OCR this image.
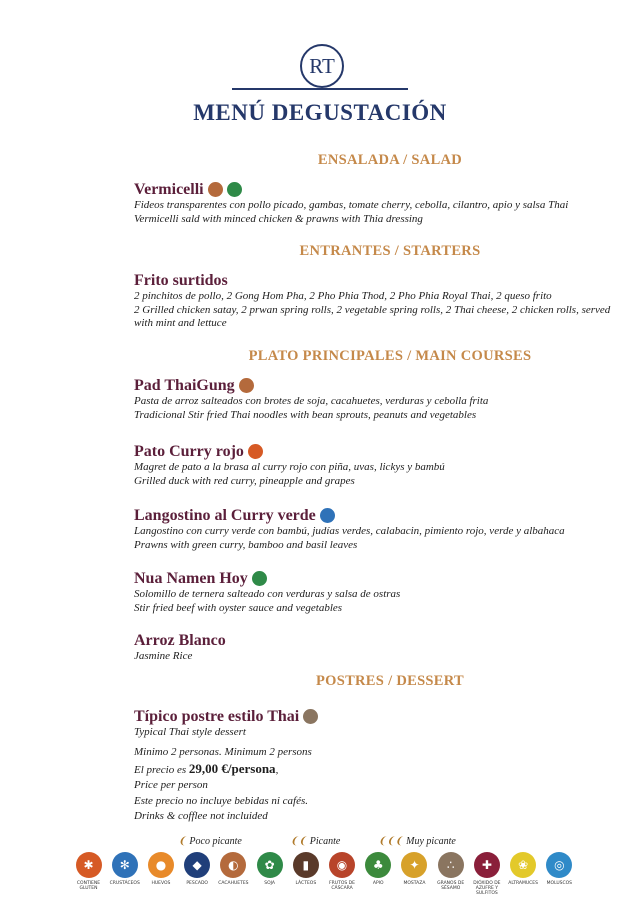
RT
MENÚ DEGUSTACIÓN
ENSALADA / SALAD
Vermicelli
Fideos transparentes con pollo picado, gambas, tomate cherry, cebolla, cilantro, apio y salsa Thai
Vermicelli sald with minced chicken & prawns with Thia dressing
ENTRANTES / STARTERS
Frito surtidos
2 pinchitos de pollo, 2 Gong Hom Pha, 2 Pho Phia Thod, 2 Pho Phia Royal Thai, 2 queso frito
2 Grilled chicken satay, 2 prwan spring rolls, 2 vegetable spring rolls, 2 Thai cheese, 2 chicken rolls, served with mint and lettuce
PLATO PRINCIPALES / MAIN COURSES
Pad ThaiGung
Pasta de arroz salteados con brotes de soja, cacahuetes, verduras y cebolla frita
Tradicional Stir fried Thai noodles with bean sprouts, peanuts and vegetables
Pato Curry rojo
Magret de pato a la brasa al curry rojo con piña, uvas, lickys y bambú
Grilled duck with red curry, pineapple and grapes
Langostino al Curry verde
Langostino con curry verde con bambú, judías verdes, calabacin, pimiento rojo, verde y albahaca
Prawns with green curry, bamboo and basil leaves
Nua Namen Hoy
Solomillo de ternera salteado con verduras y salsa de ostras
Stir fried beef with oyster sauce and vegetables
Arroz Blanco
Jasmine Rice
POSTRES / DESSERT
Típico postre estilo Thai
Typical Thai style dessert
Minimo 2 personas. Minimum 2 persons
El precio es 29,00 €/persona,
Price per person
Este precio no incluye bebidas ni cafés.
Drinks & cofflee not incluided
❨ Poco picante	❨❨ Picante	❨❨❨ Muy picante
✱
CONTIENE GLUTEN
✻
CRUSTÁCEOS
●
HUEVOS
◆
PESCADO
◐
CACAHUETES
✿
SOJA
▮
LÁCTEOS
◉
FRUTOS DE CÁSCARA
♣
APIO
✦
MOSTAZA
∴
GRANOS DE SÉSAMO
✚
DIÓXIDO DE AZUFRE Y SULFITOS
❀
ALTRAMUCES
◎
MOLUSCOS
